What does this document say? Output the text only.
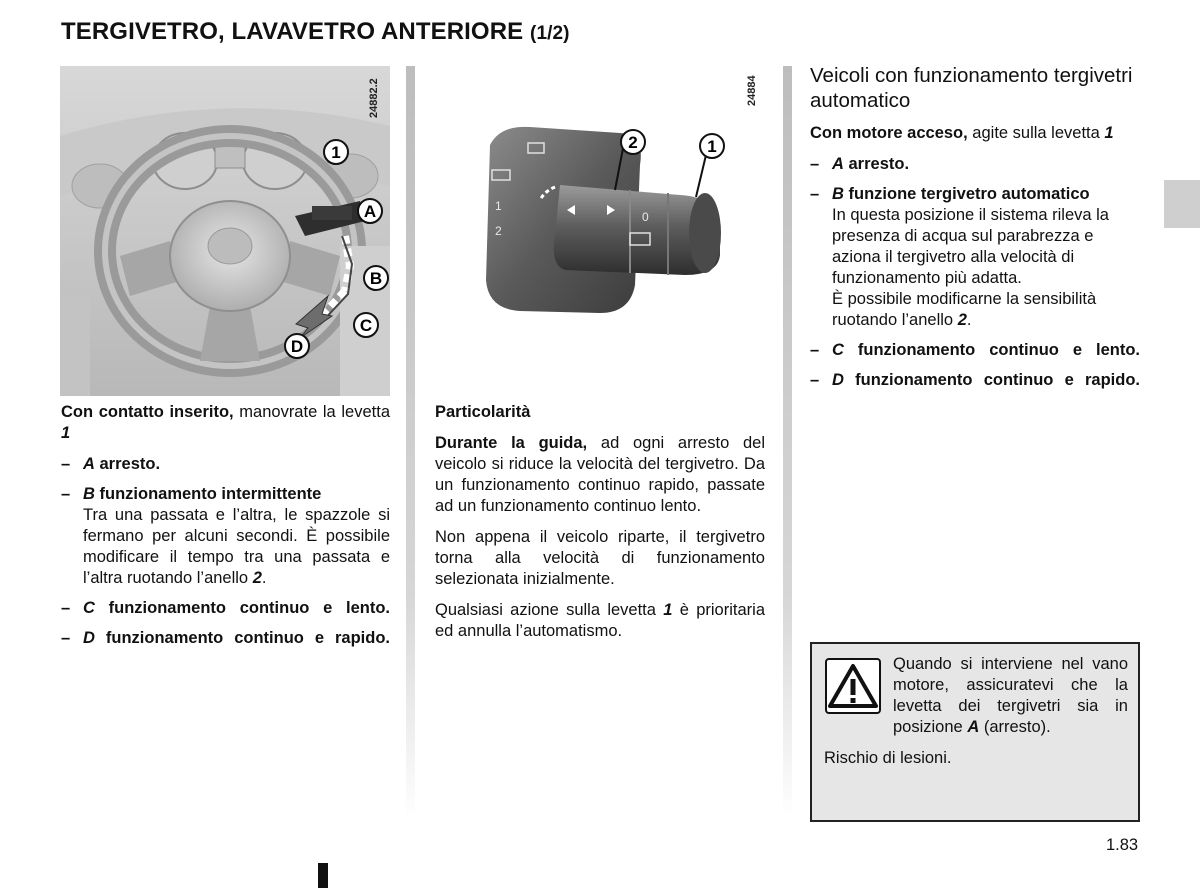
TERGIVETRO, LAVAVETRO ANTERIORE (1/2)
1
A
B
C
D
24882.2
1
2
0
2	1
24884

Con contatto inserito, manovrate la levetta 1

– A arresto.
– B funzionamento intermittente
Tra una passata e l’altra, le spazzole si fermano per alcuni secondi. È possibile modificare il tempo tra una passata e l’altra ruotando l’anello 2.
– C funzionamento continuo e lento.
– D funzionamento continuo e rapido.

Particolarità

Durante la guida, ad ogni arresto del veicolo si riduce la velocità del tergivetro. Da un funzionamento continuo rapido, passate ad un funzionamento continuo lento.

Non appena il veicolo riparte, il tergivetro torna alla velocità di funzionamento selezionata inizialmente.

Qualsiasi azione sulla levetta 1 è prioritaria ed annulla l’automatismo.

Veicoli con funzionamento tergivetri automatico

Con motore acceso, agite sulla levetta 1

– A arresto.
– B funzione tergivetro automatico
In questa posizione il sistema rileva la presenza di acqua sul parabrezza e aziona il tergivetro alla velocità di funzionamento più adatta.
È possibile modificarne la sensibilità ruotando l’anello 2.
– C funzionamento continuo e lento.
– D funzionamento continuo e rapido.
Quando si interviene nel vano motore, assicuratevi che la levetta dei tergivetri sia in posizione A (arresto).
Rischio di lesioni.
1.83
